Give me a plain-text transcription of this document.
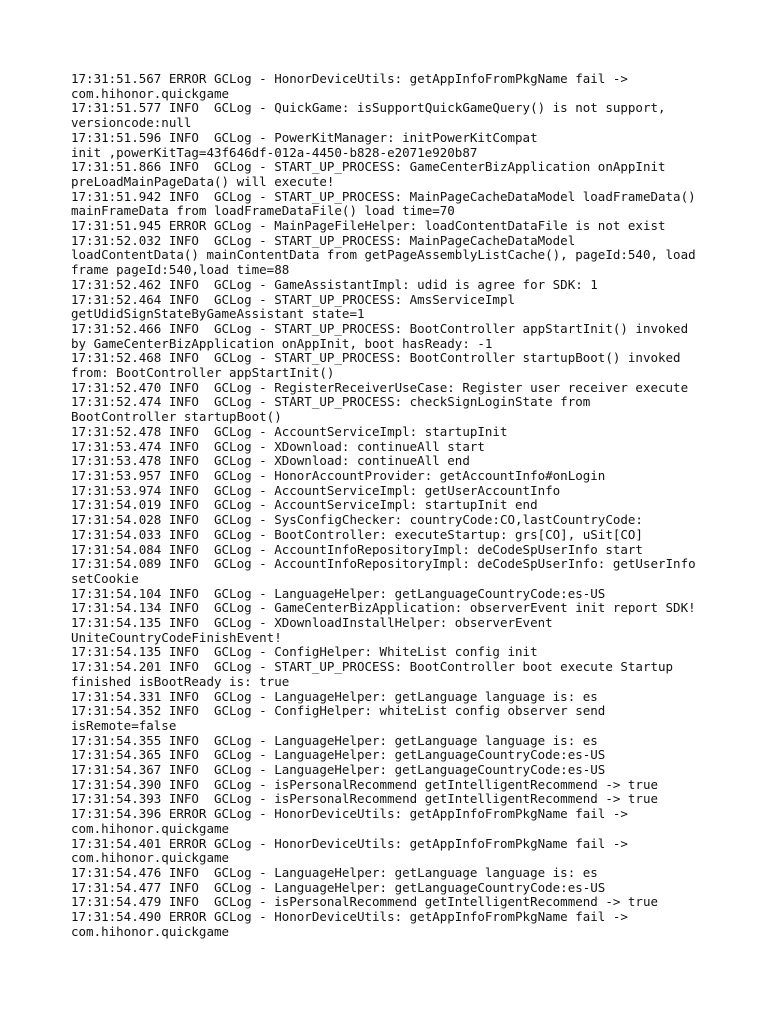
17:31:51.567 ERROR GCLog - HonorDeviceUtils: getAppInfoFromPkgName fail ->
com.hihonor.quickgame
17:31:51.577 INFO  GCLog - QuickGame: isSupportQuickGameQuery() is not support,
versioncode:null
17:31:51.596 INFO  GCLog - PowerKitManager: initPowerKitCompat
init ,powerKitTag=43f646df-012a-4450-b828-e2071e920b87
17:31:51.866 INFO  GCLog - START_UP_PROCESS: GameCenterBizApplication onAppInit
preLoadMainPageData() will execute!
17:31:51.942 INFO  GCLog - START_UP_PROCESS: MainPageCacheDataModel loadFrameData()
mainFrameData from loadFrameDataFile() load time=70
17:31:51.945 ERROR GCLog - MainPageFileHelper: loadContentDataFile is not exist
17:31:52.032 INFO  GCLog - START_UP_PROCESS: MainPageCacheDataModel
loadContentData() mainContentData from getPageAssemblyListCache(), pageId:540, load
frame pageId:540,load time=88
17:31:52.462 INFO  GCLog - GameAssistantImpl: udid is agree for SDK: 1
17:31:52.464 INFO  GCLog - START_UP_PROCESS: AmsServiceImpl
getUdidSignStateByGameAssistant state=1
17:31:52.466 INFO  GCLog - START_UP_PROCESS: BootController appStartInit() invoked
by GameCenterBizApplication onAppInit, boot hasReady: -1
17:31:52.468 INFO  GCLog - START_UP_PROCESS: BootController startupBoot() invoked
from: BootController appStartInit()
17:31:52.470 INFO  GCLog - RegisterReceiverUseCase: Register user receiver execute
17:31:52.474 INFO  GCLog - START_UP_PROCESS: checkSignLoginState from
BootController startupBoot()
17:31:52.478 INFO  GCLog - AccountServiceImpl: startupInit
17:31:53.474 INFO  GCLog - XDownload: continueAll start
17:31:53.478 INFO  GCLog - XDownload: continueAll end
17:31:53.957 INFO  GCLog - HonorAccountProvider: getAccountInfo#onLogin
17:31:53.974 INFO  GCLog - AccountServiceImpl: getUserAccountInfo
17:31:54.019 INFO  GCLog - AccountServiceImpl: startupInit end
17:31:54.028 INFO  GCLog - SysConfigChecker: countryCode:CO,lastCountryCode:
17:31:54.033 INFO  GCLog - BootController: executeStartup: grs[CO], uSit[CO]
17:31:54.084 INFO  GCLog - AccountInfoRepositoryImpl: deCodeSpUserInfo start
17:31:54.089 INFO  GCLog - AccountInfoRepositoryImpl: deCodeSpUserInfo: getUserInfo
setCookie
17:31:54.104 INFO  GCLog - LanguageHelper: getLanguageCountryCode:es-US
17:31:54.134 INFO  GCLog - GameCenterBizApplication: observerEvent init report SDK!
17:31:54.135 INFO  GCLog - XDownloadInstallHelper: observerEvent
UniteCountryCodeFinishEvent!
17:31:54.135 INFO  GCLog - ConfigHelper: WhiteList config init
17:31:54.201 INFO  GCLog - START_UP_PROCESS: BootController boot execute Startup
finished isBootReady is: true
17:31:54.331 INFO  GCLog - LanguageHelper: getLanguage language is: es
17:31:54.352 INFO  GCLog - ConfigHelper: whiteList config observer send
isRemote=false
17:31:54.355 INFO  GCLog - LanguageHelper: getLanguage language is: es
17:31:54.365 INFO  GCLog - LanguageHelper: getLanguageCountryCode:es-US
17:31:54.367 INFO  GCLog - LanguageHelper: getLanguageCountryCode:es-US
17:31:54.390 INFO  GCLog - isPersonalRecommend getIntelligentRecommend -> true
17:31:54.393 INFO  GCLog - isPersonalRecommend getIntelligentRecommend -> true
17:31:54.396 ERROR GCLog - HonorDeviceUtils: getAppInfoFromPkgName fail ->
com.hihonor.quickgame
17:31:54.401 ERROR GCLog - HonorDeviceUtils: getAppInfoFromPkgName fail ->
com.hihonor.quickgame
17:31:54.476 INFO  GCLog - LanguageHelper: getLanguage language is: es
17:31:54.477 INFO  GCLog - LanguageHelper: getLanguageCountryCode:es-US
17:31:54.479 INFO  GCLog - isPersonalRecommend getIntelligentRecommend -> true
17:31:54.490 ERROR GCLog - HonorDeviceUtils: getAppInfoFromPkgName fail ->
com.hihonor.quickgame
